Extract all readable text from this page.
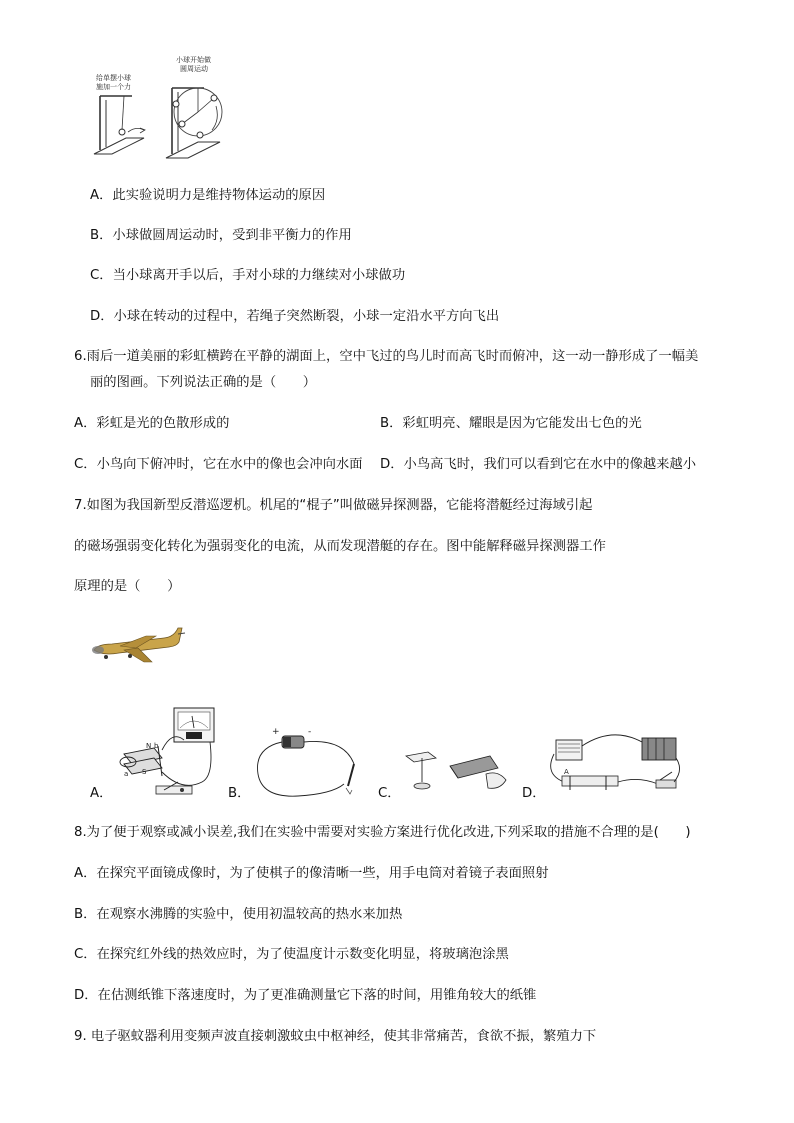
给单摆小球
施加一个力
小球开始做
圆周运动
A．此实验说明力是维持物体运动的原因
B．小球做圆周运动时，受到非平衡力的作用
C．当小球离开手以后，手对小球的力继续对小球做功
D．小球在转动的过程中，若绳子突然断裂，小球一定沿水平方向飞出
6.雨后一道美丽的彩虹横跨在平静的湖面上，空中飞过的鸟儿时而高飞时而俯冲，这一动一静形成了一幅美
丽的图画。下列说法正确的是（　　）
A．彩虹是光的色散形成的	B．彩虹明亮、耀眼是因为它能发出七色的光
C．小鸟向下俯冲时，它在水中的像也会冲向水面 D．小鸟高飞时，我们可以看到它在水中的像越来越小
7.如图为我国新型反潜巡逻机。机尾的“棍子”叫做磁异探测器，它能将潜艇经过海域引起
的磁场强弱变化转化为强弱变化的电流，从而发现潜艇的存在。图中能解释磁异探测器工作
原理的是（　　）
A．
N b
S
a
B．
+	-
C．	D．
A
8.为了便于观察或减小误差,我们在实验中需要对实验方案进行优化改进,下列采取的措施不合理的是(　　)
A．在探究平面镜成像时，为了使棋子的像清晰一些，用手电筒对着镜子表面照射
B．在观察水沸腾的实验中，使用初温较高的热水来加热
C．在探究红外线的热效应时，为了使温度计示数变化明显，将玻璃泡涂黑
D．在估测纸锥下落速度时，为了更准确测量它下落的时间，用锥角较大的纸锥
9. 电子驱蚊器利用变频声波直接刺激蚊虫中枢神经，使其非常痛苦，食欲不振，繁殖力下
